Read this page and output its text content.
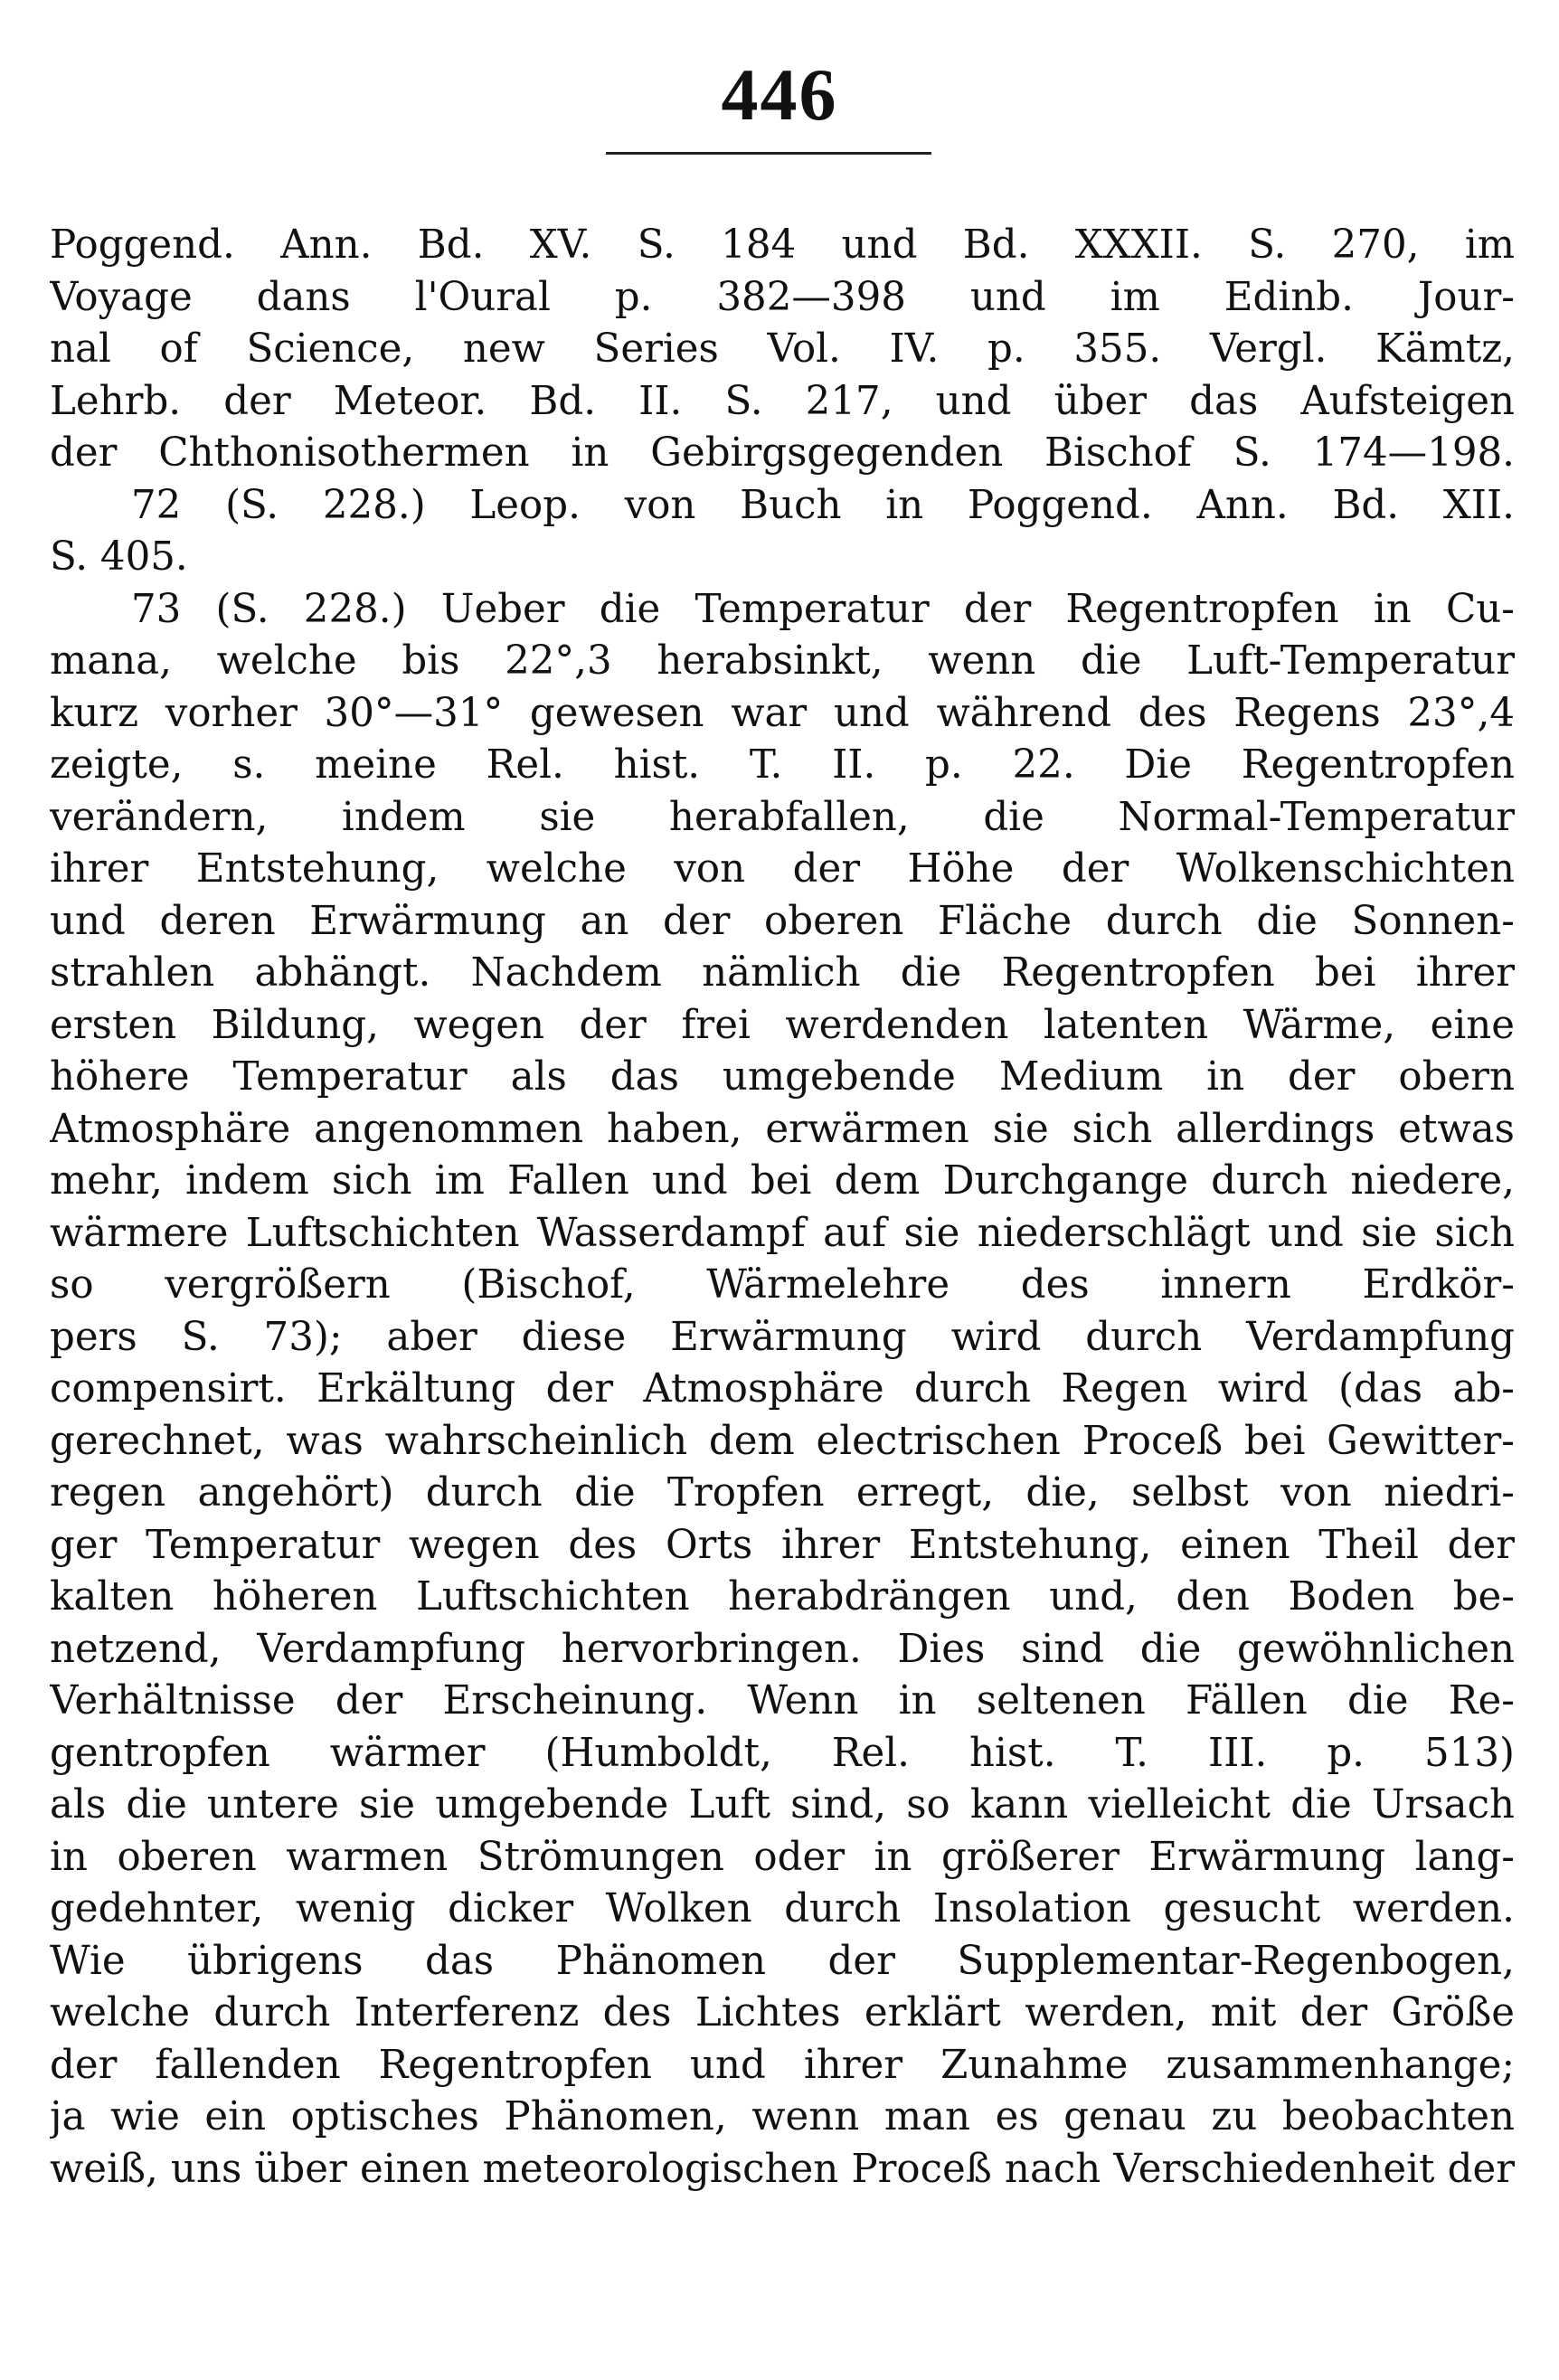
446
Poggend. Ann. Bd. XV. S. 184 und Bd. XXXII. S. 270, im
Voyage dans l'Oural p. 382—398 und im Edinb. Jour-
nal of Science, new Series Vol. IV. p. 355. Vergl. Kämtz,
Lehrb. der Meteor. Bd. II. S. 217, und über das Aufsteigen
der Chthonisothermen in Gebirgsgegenden Bischof S. 174—198.
72 (S. 228.) Leop. von Buch in Poggend. Ann. Bd. XII.
S. 405.
73 (S. 228.) Ueber die Temperatur der Regentropfen in Cu-
mana, welche bis 22°,3 herabsinkt, wenn die Luft-Temperatur
kurz vorher 30°—31° gewesen war und während des Regens 23°,4
zeigte, s. meine Rel. hist. T. II. p. 22. Die Regentropfen
verändern, indem sie herabfallen, die Normal-Temperatur
ihrer Entstehung, welche von der Höhe der Wolkenschichten
und deren Erwärmung an der oberen Fläche durch die Sonnen-
strahlen abhängt. Nachdem nämlich die Regentropfen bei ihrer
ersten Bildung, wegen der frei werdenden latenten Wärme, eine
höhere Temperatur als das umgebende Medium in der obern
Atmosphäre angenommen haben, erwärmen sie sich allerdings etwas
mehr, indem sich im Fallen und bei dem Durchgange durch niedere,
wärmere Luftschichten Wasserdampf auf sie niederschlägt und sie sich
so vergrößern (Bischof, Wärmelehre des innern Erdkör-
pers S. 73); aber diese Erwärmung wird durch Verdampfung
compensirt. Erkältung der Atmosphäre durch Regen wird (das ab-
gerechnet, was wahrscheinlich dem electrischen Proceß bei Gewitter-
regen angehört) durch die Tropfen erregt, die, selbst von niedri-
ger Temperatur wegen des Orts ihrer Entstehung, einen Theil der
kalten höheren Luftschichten herabdrängen und, den Boden be-
netzend, Verdampfung hervorbringen. Dies sind die gewöhnlichen
Verhältnisse der Erscheinung. Wenn in seltenen Fällen die Re-
gentropfen wärmer (Humboldt, Rel. hist. T. III. p. 513)
als die untere sie umgebende Luft sind, so kann vielleicht die Ursach
in oberen warmen Strömungen oder in größerer Erwärmung lang-
gedehnter, wenig dicker Wolken durch Insolation gesucht werden.
Wie übrigens das Phänomen der Supplementar-Regenbogen,
welche durch Interferenz des Lichtes erklärt werden, mit der Größe
der fallenden Regentropfen und ihrer Zunahme zusammenhange;
ja wie ein optisches Phänomen, wenn man es genau zu beobachten
weiß, uns über einen meteorologischen Proceß nach Verschiedenheit der
